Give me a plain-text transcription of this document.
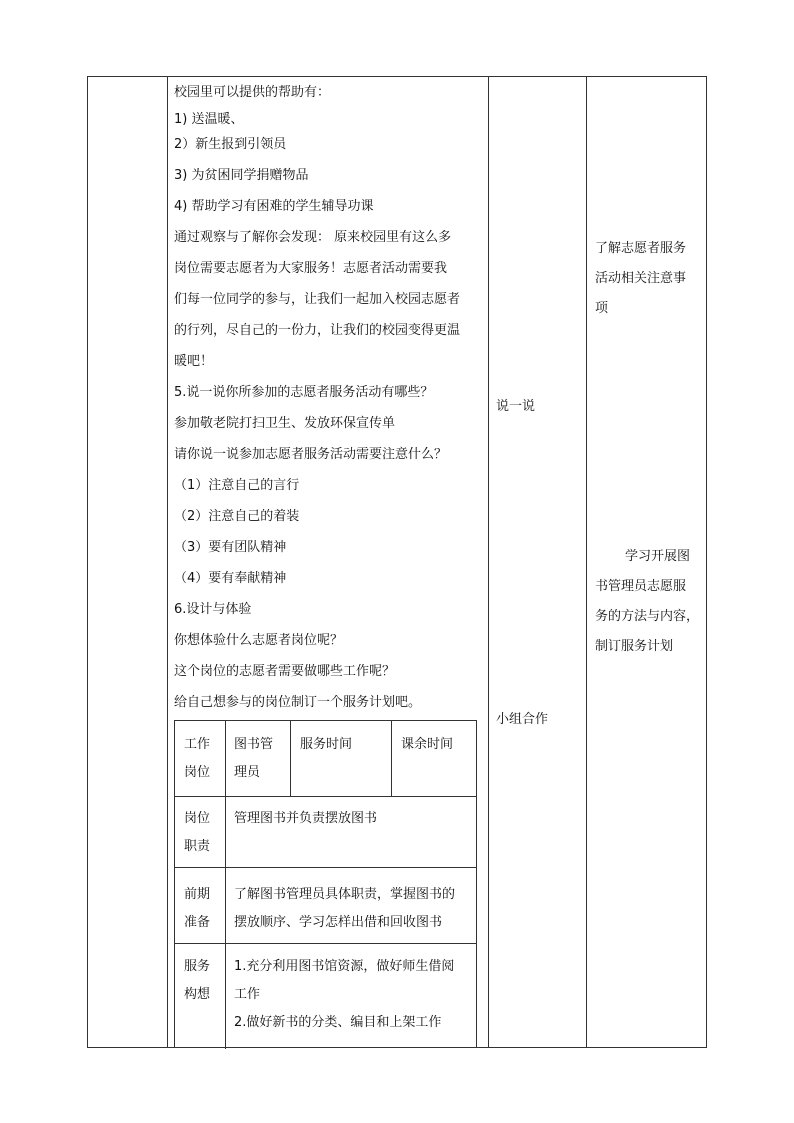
校园里可以提供的帮助有：
1) 送温暖、
2）新生报到引领员
3) 为贫困同学捐赠物品
4) 帮助学习有困难的学生辅导功课
通过观察与了解你会发现： 原来校园里有这么多
岗位需要志愿者为大家服务！志愿者活动需要我
们每一位同学的参与，让我们一起加入校园志愿者
的行列，尽自己的一份力，让我们的校园变得更温
暖吧！
5.说一说你所参加的志愿者服务活动有哪些？
参加敬老院打扫卫生、发放环保宣传单
请你说一说参加志愿者服务活动需要注意什么？
（1）注意自己的言行
（2）注意自己的着装
（3）要有团队精神
（4）要有奉献精神
6.设计与体验
你想体验什么志愿者岗位呢？
这个岗位的志愿者需要做哪些工作呢？
给自己想参与的岗位制订一个服务计划吧。
工作
岗位
图书管
理员
服务时间	课余时间
岗位
职责
管理图书并负责摆放图书
前期
准备
了解图书管理员具体职责，掌握图书的
摆放顺序、学习怎样出借和回收图书
服务
构想
1.充分利用图书馆资源，做好师生借阅
工作
2.做好新书的分类、编目和上架工作
说一说
小组合作
了解志愿者服务
活动相关注意事
项
学习开展图
书管理员志愿服
务的方法与内容，
制订服务计划
